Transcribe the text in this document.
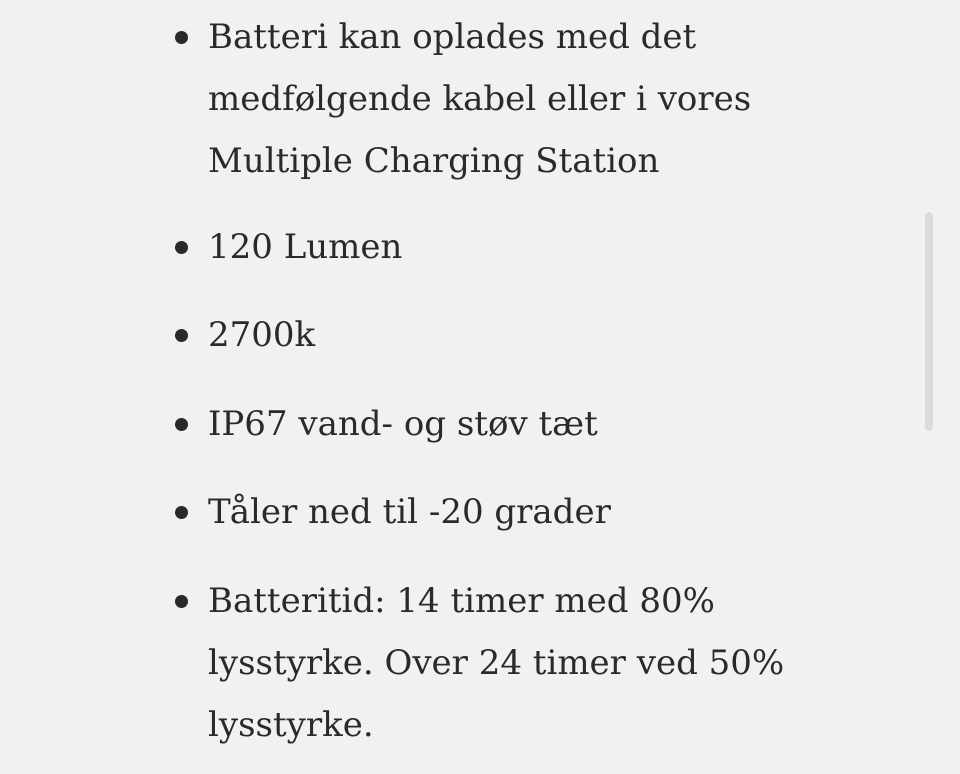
Batteri kan oplades med det
medfølgende kabel eller i vores
Multiple Charging Station
120 Lumen
2700k
IP67 vand- og støv tæt
Tåler ned til -20 grader
Batteritid: 14 timer med 80%
lysstyrke. Over 24 timer ved 50%
lysstyrke.
